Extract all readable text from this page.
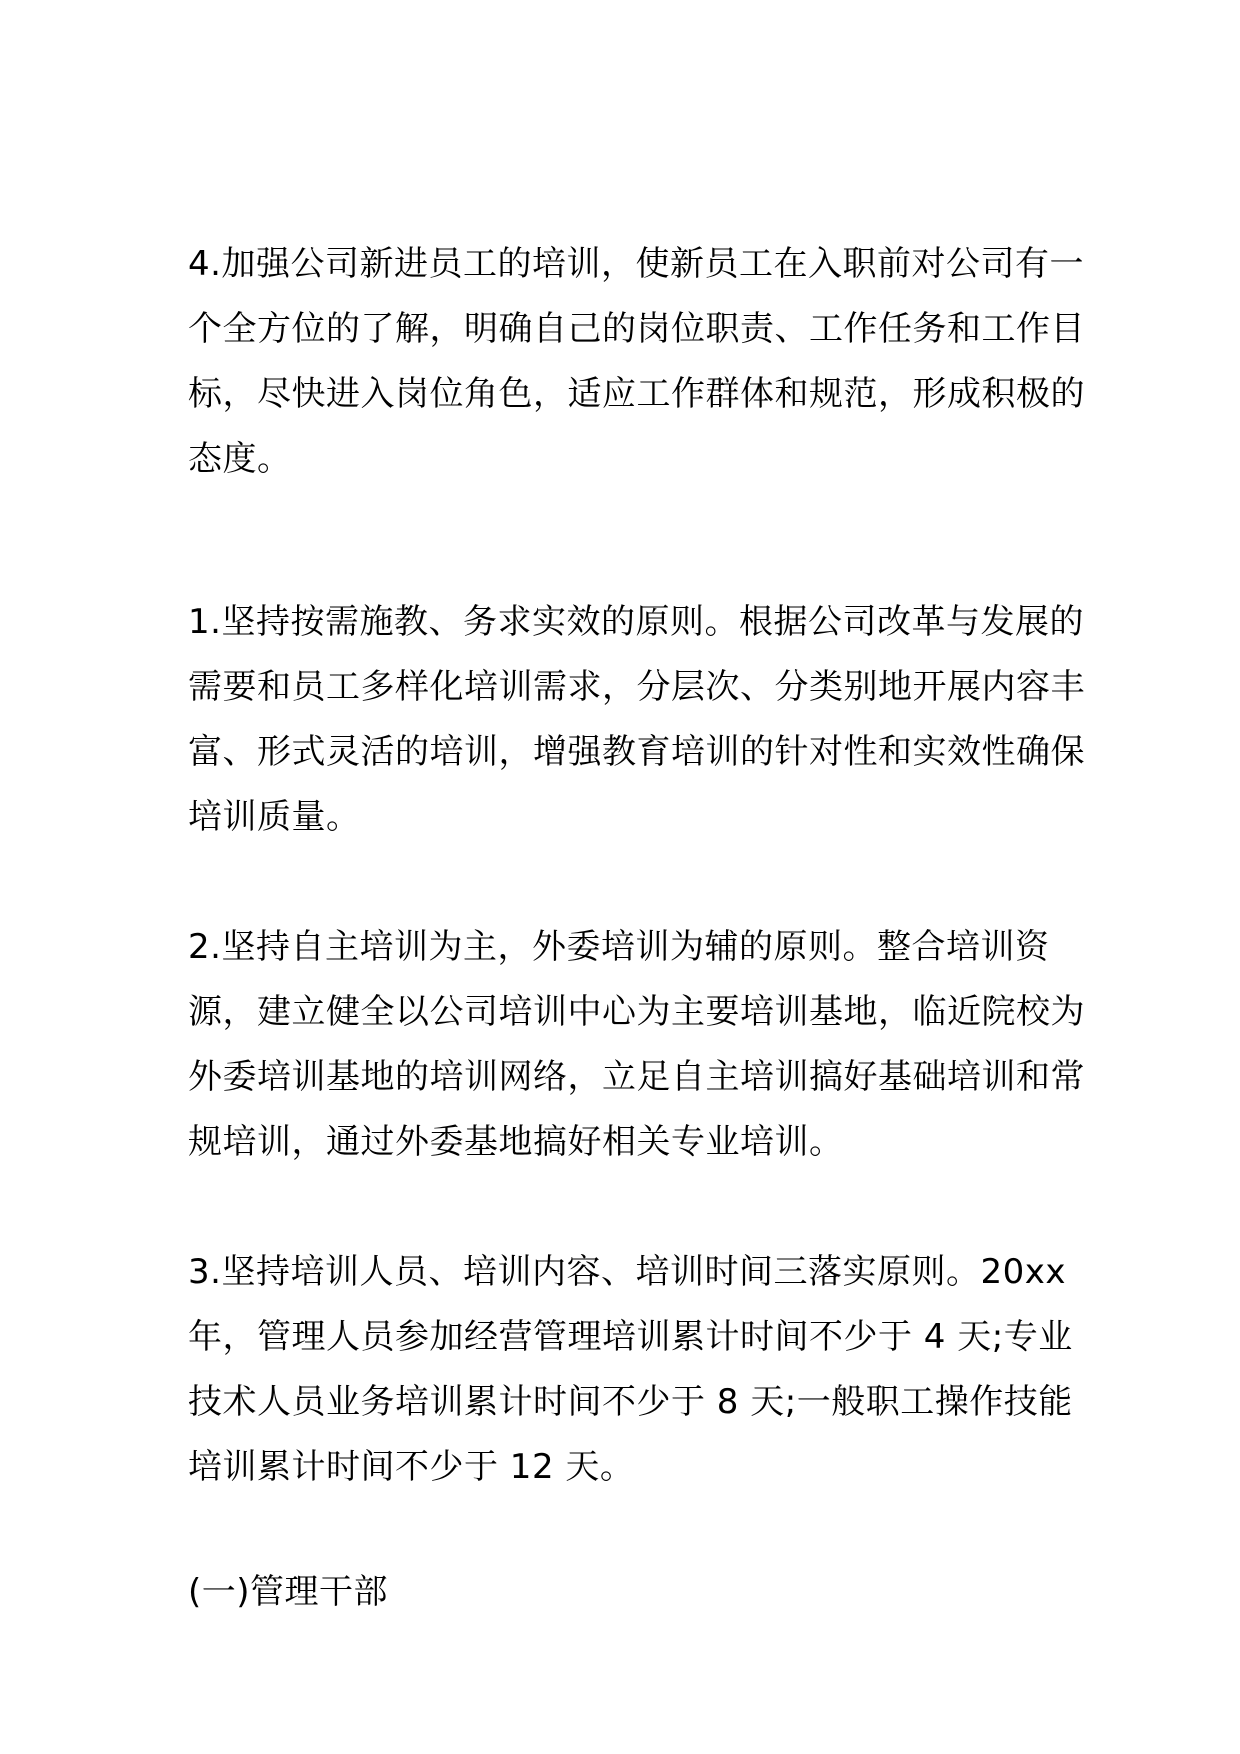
4.加强公司新进员工的培训，使新员工在入职前对公司有一个全方位的了解，明确自己的岗位职责、工作任务和工作目标，尽快进入岗位角色，适应工作群体和规范，形成积极的态度。

1.坚持按需施教、务求实效的原则。根据公司改革与发展的需要和员工多样化培训需求，分层次、分类别地开展内容丰富、形式灵活的培训，增强教育培训的针对性和实效性确保培训质量。

2.坚持自主培训为主，外委培训为辅的原则。整合培训资源，建立健全以公司培训中心为主要培训基地，临近院校为外委培训基地的培训网络，立足自主培训搞好基础培训和常规培训，通过外委基地搞好相关专业培训。

3.坚持培训人员、培训内容、培训时间三落实原则。20xx 年，管理人员参加经营管理培训累计时间不少于 4 天;专业技术人员业务培训累计时间不少于 8 天;一般职工操作技能培训累计时间不少于 12 天。

(一)管理干部
